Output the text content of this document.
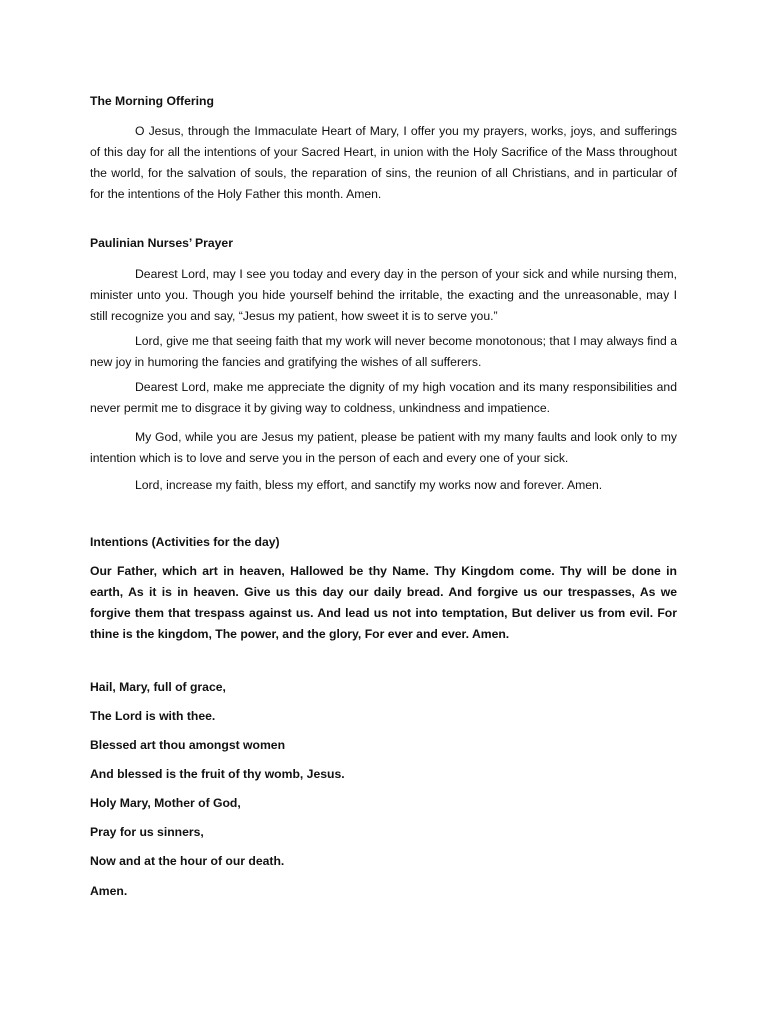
The Morning Offering

O Jesus, through the Immaculate Heart of Mary, I offer you my prayers, works, joys, and sufferings of this day for all the intentions of your Sacred Heart, in union with the Holy Sacrifice of the Mass throughout the world, for the salvation of souls, the reparation of sins, the reunion of all Christians, and in particular of for the intentions of the Holy Father this month. Amen.

Paulinian Nurses’ Prayer

Dearest Lord, may I see you today and every day in the person of your sick and while nursing them, minister unto you. Though you hide yourself behind the irritable, the exacting and the unreasonable, may I still recognize you and say, “Jesus my patient, how sweet it is to serve you.”

Lord, give me that seeing faith that my work will never become monotonous; that I may always find a new joy in humoring the fancies and gratifying the wishes of all sufferers.

Dearest Lord, make me appreciate the dignity of my high vocation and its many responsibilities and never permit me to disgrace it by giving way to coldness, unkindness and impatience.

My God, while you are Jesus my patient, please be patient with my many faults and look only to my intention which is to love and serve you in the person of each and every one of your sick.

Lord, increase my faith, bless my effort, and sanctify my works now and forever. Amen.

Intentions (Activities for the day)

Our Father, which art in heaven, Hallowed be thy Name. Thy Kingdom come. Thy will be done in earth, As it is in heaven. Give us this day our daily bread. And forgive us our trespasses, As we forgive them that trespass against us. And lead us not into temptation, But deliver us from evil. For thine is the kingdom, The power, and the glory, For ever and ever. Amen.

Hail, Mary, full of grace,
The Lord is with thee.
Blessed art thou amongst women
And blessed is the fruit of thy womb, Jesus.
Holy Mary, Mother of God,
Pray for us sinners,
Now and at the hour of our death.
Amen.
